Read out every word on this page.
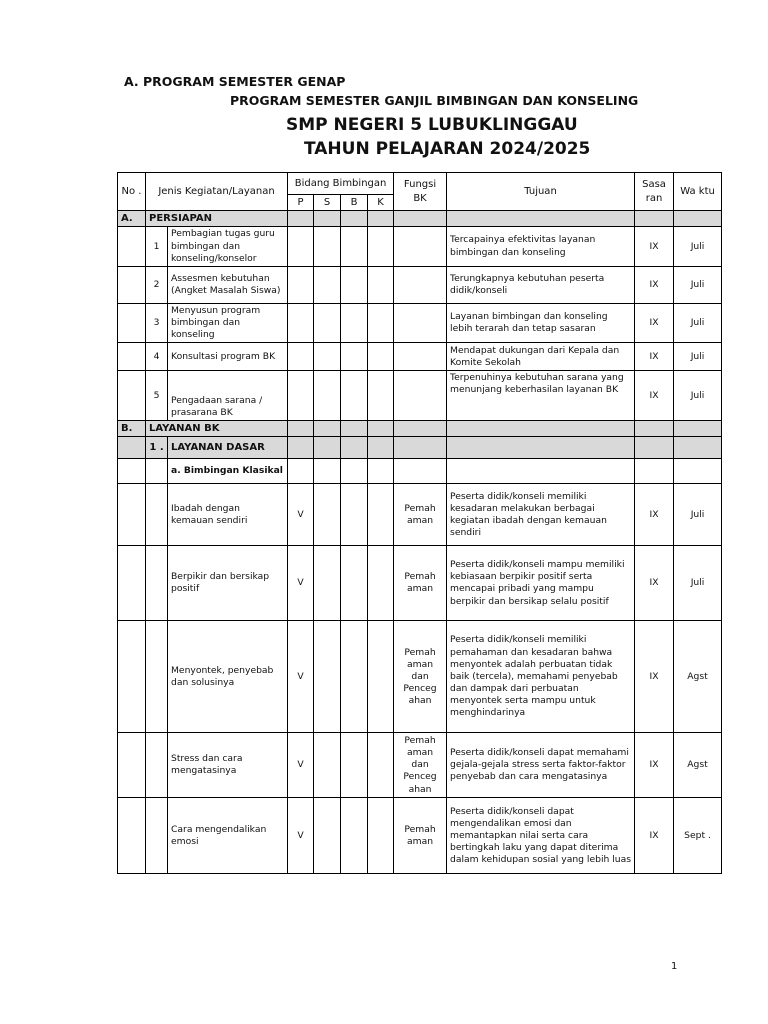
A. PROGRAM SEMESTER GENAP
PROGRAM SEMESTER GANJIL BIMBINGAN DAN KONSELING
SMP NEGERI 5 LUBUKLINGGAU
TAHUN PELAJARAN 2024/2025
No .	Jenis Kegiatan/Layanan		Bidang Bimbingan				Fungsi BK	Tujuan	Sasa ran	Wa ktu
			P	S	B	K				
A.	PERSIAPAN									
	1	Pembagian tugas guru bimbingan dan konseling/konselor						Tercapainya efektivitas layanan bimbingan dan konseling	IX	Juli
	2	Assesmen kebutuhan (Angket Masalah Siswa)						Terungkapnya kebutuhan peserta didik/konseli	IX	Juli
	3	Menyusun program bimbingan dan konseling						Layanan bimbingan dan konseling lebih terarah dan tetap sasaran	IX	Juli
	4	Konsultasi program BK						Mendapat dukungan dari Kepala dan Komite Sekolah	IX	Juli
	5	Pengadaan sarana / prasarana BK						Terpenuhinya kebutuhan sarana yang menunjang keberhasilan layanan BK	IX	Juli
B.	LAYANAN BK									
	1 .	LAYANAN DASAR								
		a. Bimbingan Klasikal								
		Ibadah dengan kemauan sendiri	V				Pemah aman	Peserta didik/konseli memiliki kesadaran melakukan berbagai kegiatan ibadah dengan kemauan sendiri	IX	Juli
		Berpikir dan bersikap positif	V				Pemah aman	Peserta didik/konseli mampu memiliki kebiasaan berpikir positif serta mencapai pribadi yang mampu berpikir dan bersikap selalu positif	IX	Juli
		Menyontek, penyebab dan solusinya	V				Pemah aman dan Penceg ahan	Peserta didik/konseli memiliki pemahaman dan kesadaran bahwa menyontek adalah perbuatan tidak baik (tercela), memahami penyebab dan dampak dari perbuatan menyontek serta mampu untuk menghindarinya	IX	Agst
		Stress dan cara mengatasinya	V				Pemah aman dan Penceg ahan	Peserta didik/konseli dapat memahami gejala-gejala stress serta faktor-faktor penyebab dan cara mengatasinya	IX	Agst
		Cara mengendalikan emosi	V				Pemah aman	Peserta didik/konseli dapat mengendalikan emosi dan memantapkan nilai serta cara bertingkah laku yang dapat diterima dalam kehidupan sosial yang lebih luas	IX	Sept .
1
